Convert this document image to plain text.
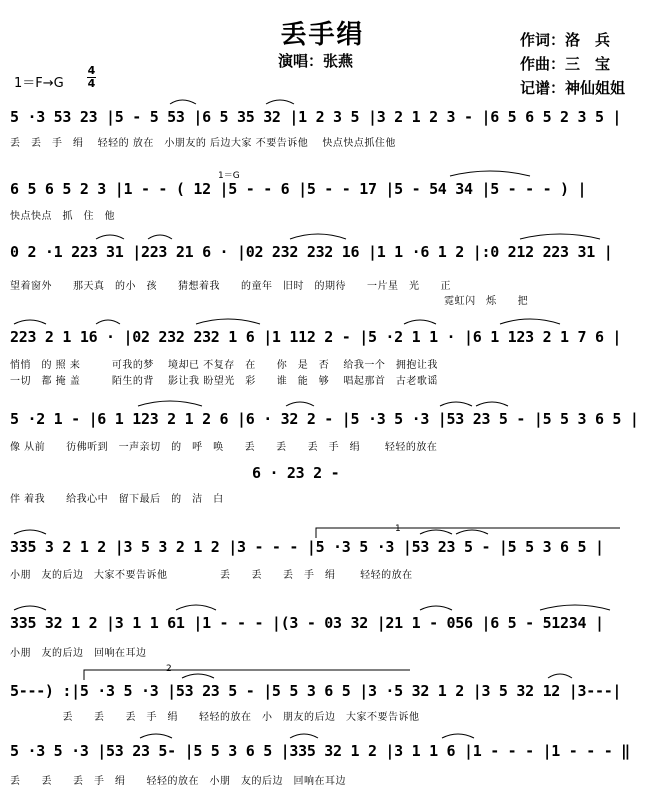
丢手绢
演唱：张燕
作词：洛　兵
作曲：三　宝
记谱：神仙姐姐
1＝F→G
4
4
5 ·3 53 23 |5 - 5 53 |6 5 35 32 |1 2 3 5 |3 2 1 2 3 - |6 5 6 5 2 3 5 |
丢　丢　手　绢　 轻轻的 放在　小朋友的 后边大家 不要告诉他 　快点快点抓住他
1＝G
6 5 6 5 2 3 |1 - - ( 12 |5 - - 6 |5 - - 17 |5 - 54 34 |5 - - - ) |
快点快点　抓　住　他
0 2 ·1 223 31 |223 21 6 · |02 232 232 16 |1 1 ·6 1 2 |:0 212 223 31 |
望着窗外　　那天真　的小　孩　　猜想着我　　的童年　旧时　的期待　　一片星　光　　正
　　　　　　　　　　　　　　　　　　　　　　　　　　　　　　　　　　　　　　　　　 霓虹闪　烁　　把
223 2 1 16 · |02 232 232 1 6 |1 112 2 - |5 ·2 1 1 · |6 1 123 2 1 7 6 |
悄悄　的 照 来　　　可我的梦　 境却已 不复存　在　　你　是　否　 给我一个　拥抱让我
一切　都 掩 盖　　　陌生的背　 影让我 盼望光　彩　　谁　能　够　 唱起那首　古老歌谣
5 ·2 1 - |6 1 123 2 1 2 6 |6 · 32 2 - |5 ·3 5 ·3 |53 23 5 - |5 5 3 6 5 |
像 从前　　彷佛听到　一声亲切　的　呼　唤　　丢　　丢　　丢　手　绢　　 轻轻的放在
6 · 23 2 -
伴 着我　　给我心中　留下最后　的　洁　白
1
335 3 2 1 2 |3 5 3 2 1 2 |3 - - - |5 ·3 5 ·3 |53 23 5 - |5 5 3 6 5 |
小朋　友的后边　大家不要告诉他　　　　　丢　　丢　　丢　手　绢　　 轻轻的放在
335 32 1 2 |3 1 1 61 |1 - - - |(3 - 03 32 |21 1 - 056 |6 5 - 51234 |
小朋　友的后边　回响在耳边
2
5---) :|5 ·3 5 ·3 |53 23 5 - |5 5 3 6 5 |3 ·5 32 1 2 |3 5 32 12 |3---|
　　　　　丢　　丢　　丢　手　绢　　轻轻的放在　小　朋友的后边　大家不要告诉他
5 ·3 5 ·3 |53 23 5- |5 5 3 6 5 |335 32 1 2 |3 1 1 6 |1 - - - |1 - - - ‖
丢　　丢　　丢　手　绢　　轻轻的放在　小朋　友的后边　回响在耳边
